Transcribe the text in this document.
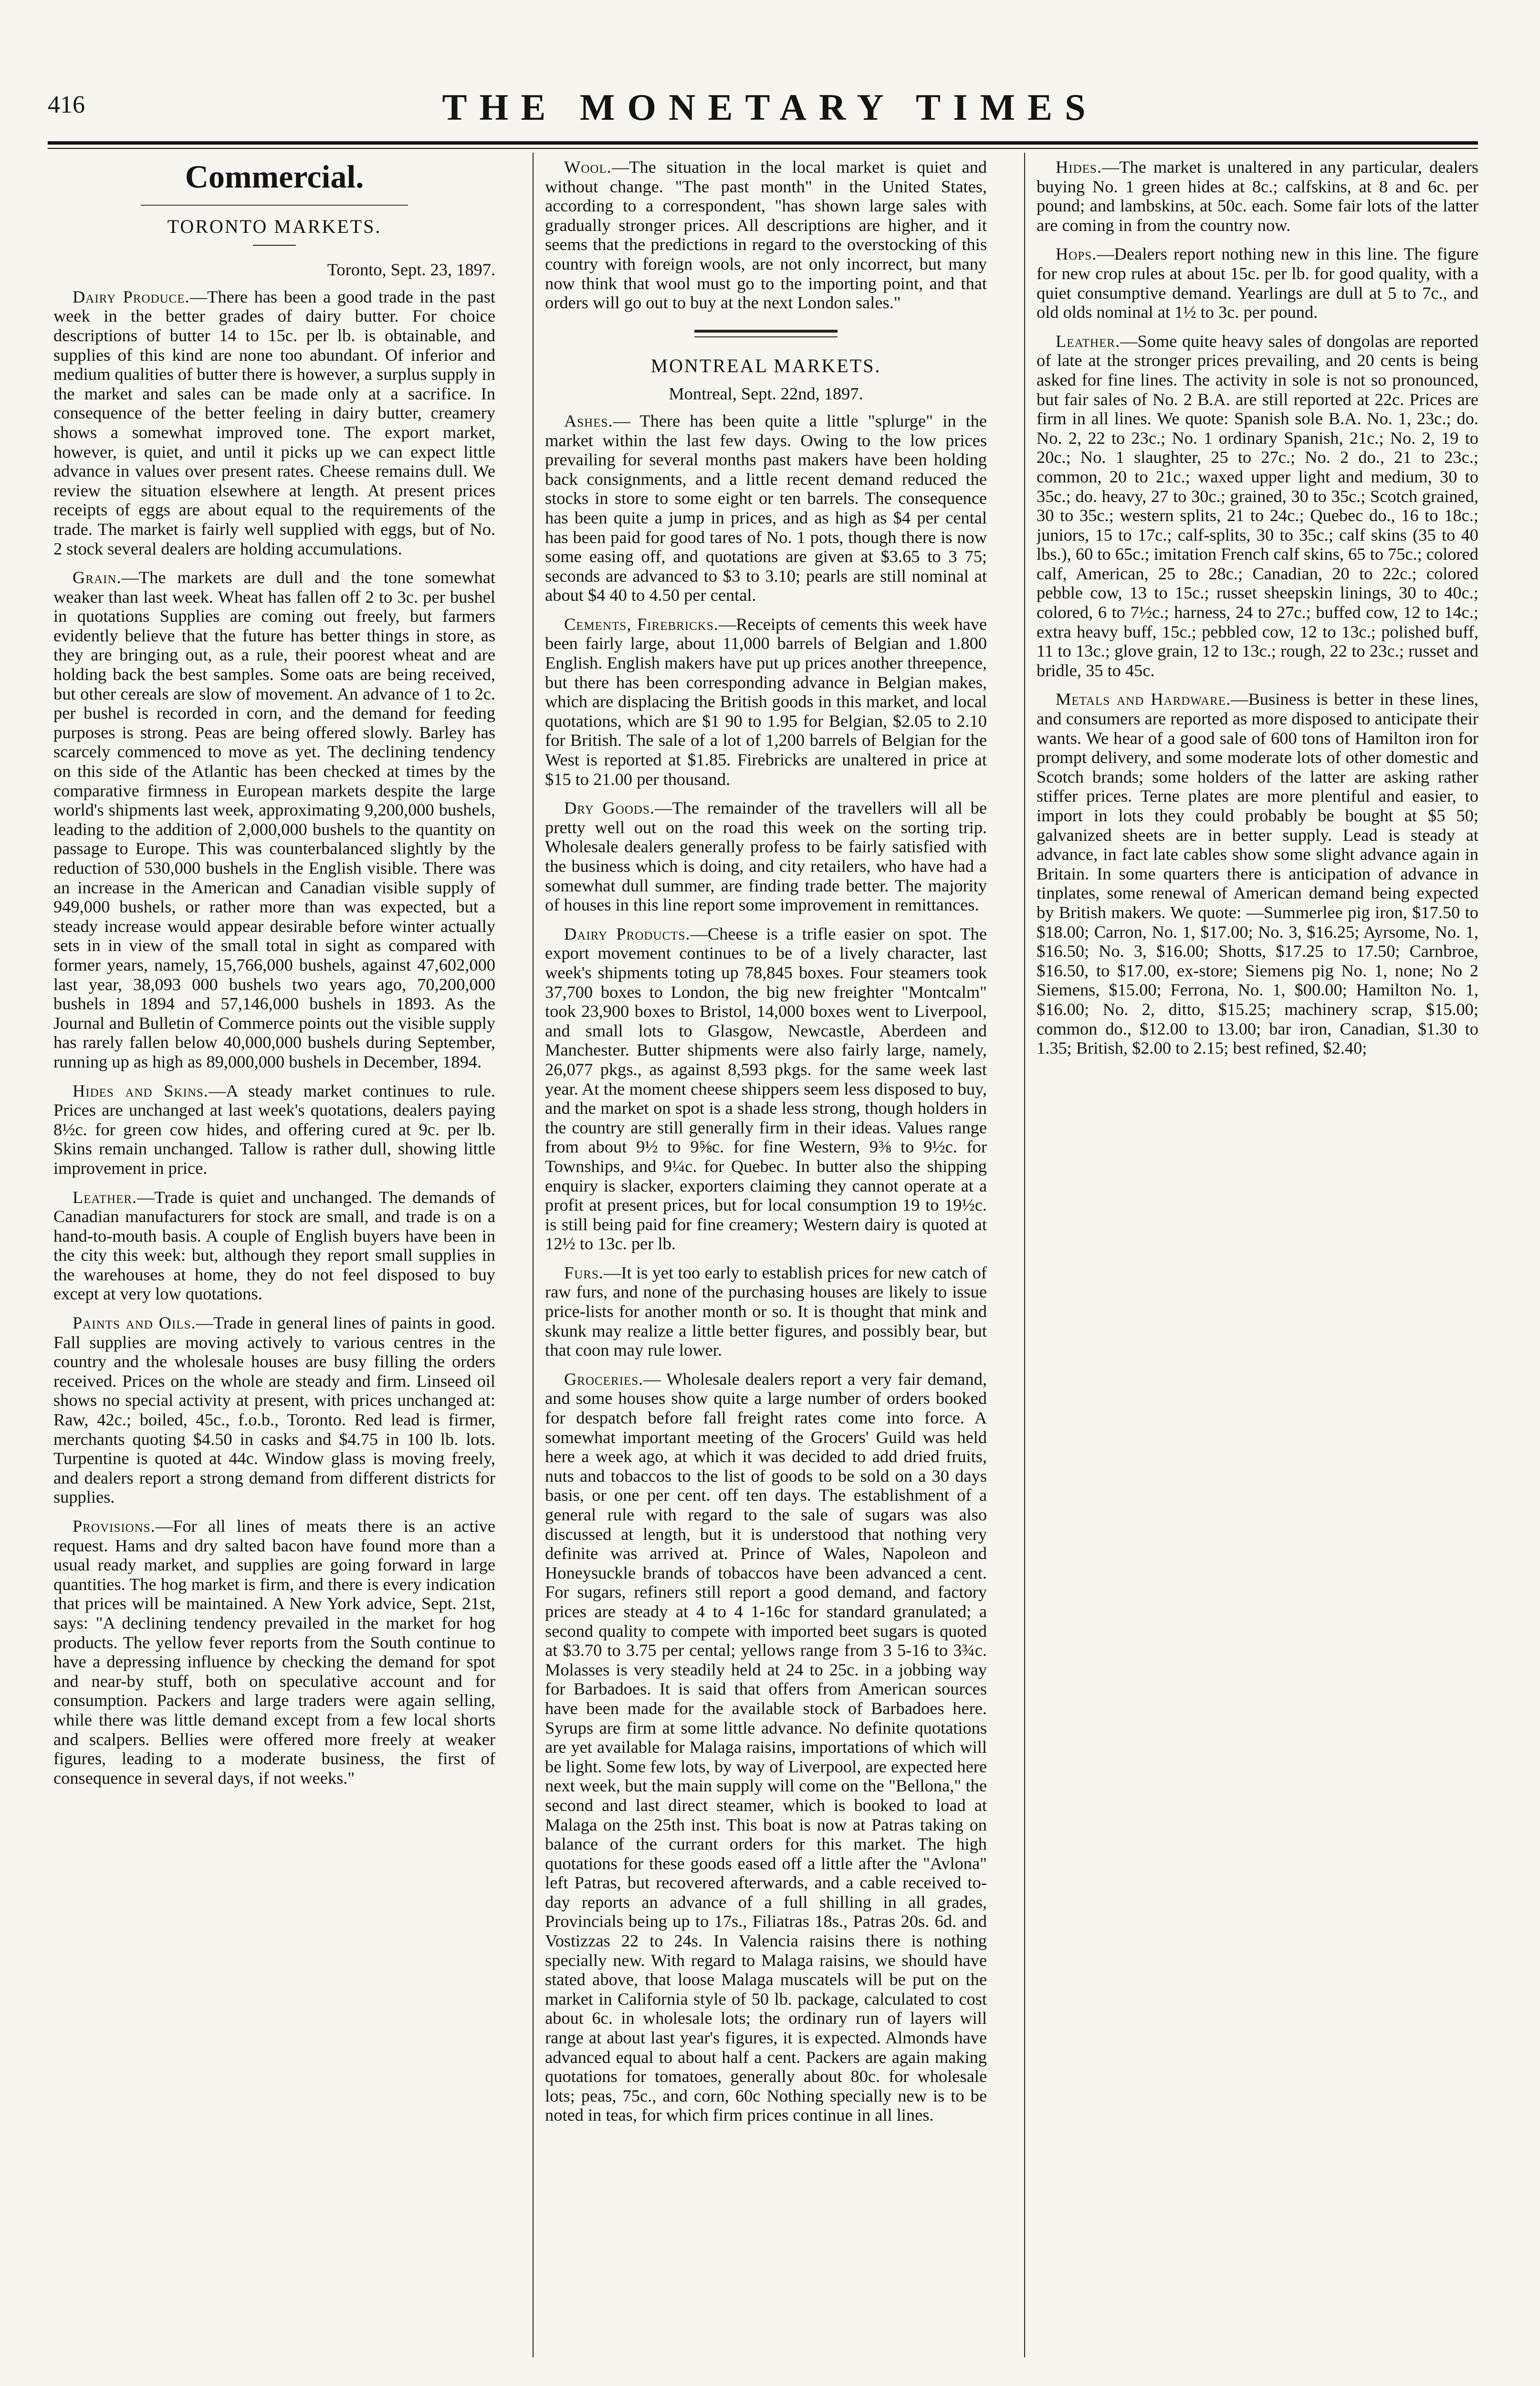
416	THE MONETARY TIMES
Commercial.
TORONTO MARKETS.
Toronto, Sept. 23, 1897.

Dairy Produce.—There has been a good trade in the past week in the better grades of dairy butter. For choice descriptions of butter 14 to 15c. per lb. is obtainable, and supplies of this kind are none too abundant. Of inferior and medium qualities of butter there is however, a surplus supply in the market and sales can be made only at a sacrifice. In consequence of the better feeling in dairy butter, creamery shows a somewhat improved tone. The export market, however, is quiet, and until it picks up we can expect little advance in values over present rates. Cheese remains dull. We review the situation elsewhere at length. At present prices receipts of eggs are about equal to the requirements of the trade. The market is fairly well supplied with eggs, but of No. 2 stock several dealers are holding accumulations.

Grain.—The markets are dull and the tone somewhat weaker than last week. Wheat has fallen off 2 to 3c. per bushel in quotations Supplies are coming out freely, but farmers evidently believe that the future has better things in store, as they are bringing out, as a rule, their poorest wheat and are holding back the best samples. Some oats are being received, but other cereals are slow of movement. An advance of 1 to 2c. per bushel is recorded in corn, and the demand for feeding purposes is strong. Peas are being offered slowly. Barley has scarcely commenced to move as yet. The declining tendency on this side of the Atlantic has been checked at times by the comparative firmness in European markets despite the large world's shipments last week, approximating 9,200,000 bushels, leading to the addition of 2,000,000 bushels to the quantity on passage to Europe. This was counterbalanced slightly by the reduction of 530,000 bushels in the English visible. There was an increase in the American and Canadian visible supply of 949,000 bushels, or rather more than was expected, but a steady increase would appear desirable before winter actually sets in in view of the small total in sight as compared with former years, namely, 15,766,000 bushels, against 47,602,000 last year, 38,093 000 bushels two years ago, 70,200,000 bushels in 1894 and 57,146,000 bushels in 1893. As the Journal and Bulletin of Commerce points out the visible supply has rarely fallen below 40,000,000 bushels during September, running up as high as 89,000,000 bushels in December, 1894.

Hides and Skins.—A steady market continues to rule. Prices are unchanged at last week's quotations, dealers paying 8½c. for green cow hides, and offering cured at 9c. per lb. Skins remain unchanged. Tallow is rather dull, showing little improvement in price.

Leather.—Trade is quiet and unchanged. The demands of Canadian manufacturers for stock are small, and trade is on a hand-to-mouth basis. A couple of English buyers have been in the city this week: but, although they report small supplies in the warehouses at home, they do not feel disposed to buy except at very low quotations.

Paints and Oils.—Trade in general lines of paints in good. Fall supplies are moving actively to various centres in the country and the wholesale houses are busy filling the orders received. Prices on the whole are steady and firm. Linseed oil shows no special activity at present, with prices unchanged at: Raw, 42c.; boiled, 45c., f.o.b., Toronto. Red lead is firmer, merchants quoting $4.50 in casks and $4.75 in 100 lb. lots. Turpentine is quoted at 44c. Window glass is moving freely, and dealers report a strong demand from different districts for supplies.

Provisions.—For all lines of meats there is an active request. Hams and dry salted bacon have found more than a usual ready market, and supplies are going forward in large quantities. The hog market is firm, and there is every indication that prices will be maintained. A New York advice, Sept. 21st, says: "A declining tendency prevailed in the market for hog products. The yellow fever reports from the South continue to have a depressing influence by checking the demand for spot and near-by stuff, both on speculative account and for consumption. Packers and large traders were again selling, while there was little demand except from a few local shorts and scalpers. Bellies were offered more freely at weaker figures, leading to a moderate business, the first of consequence in several days, if not weeks."

Wool.—The situation in the local market is quiet and without change. "The past month" in the United States, according to a correspondent, "has shown large sales with gradually stronger prices. All descriptions are higher, and it seems that the predictions in regard to the overstocking of this country with foreign wools, are not only incorrect, but many now think that wool must go to the importing point, and that orders will go out to buy at the next London sales."

MONTREAL MARKETS.
Montreal, Sept. 22nd, 1897.

Ashes.— There has been quite a little "splurge" in the market within the last few days. Owing to the low prices prevailing for several months past makers have been holding back consignments, and a little recent demand reduced the stocks in store to some eight or ten barrels. The consequence has been quite a jump in prices, and as high as $4 per cental has been paid for good tares of No. 1 pots, though there is now some easing off, and quotations are given at $3.65 to 3 75; seconds are advanced to $3 to 3.10; pearls are still nominal at about $4 40 to 4.50 per cental.

Cements, Firebricks.—Receipts of cements this week have been fairly large, about 11,000 barrels of Belgian and 1.800 English. English makers have put up prices another threepence, but there has been corresponding advance in Belgian makes, which are displacing the British goods in this market, and local quotations, which are $1 90 to 1.95 for Belgian, $2.05 to 2.10 for British. The sale of a lot of 1,200 barrels of Belgian for the West is reported at $1.85. Firebricks are unaltered in price at $15 to 21.00 per thousand.

Dry Goods.—The remainder of the travellers will all be pretty well out on the road this week on the sorting trip. Wholesale dealers generally profess to be fairly satisfied with the business which is doing, and city retailers, who have had a somewhat dull summer, are finding trade better. The majority of houses in this line report some improvement in remittances.

Dairy Products.—Cheese is a trifle easier on spot. The export movement continues to be of a lively character, last week's shipments toting up 78,845 boxes. Four steamers took 37,700 boxes to London, the big new freighter "Montcalm" took 23,900 boxes to Bristol, 14,000 boxes went to Liverpool, and small lots to Glasgow, Newcastle, Aberdeen and Manchester. Butter shipments were also fairly large, namely, 26,077 pkgs., as against 8,593 pkgs. for the same week last year. At the moment cheese shippers seem less disposed to buy, and the market on spot is a shade less strong, though holders in the country are still generally firm in their ideas. Values range from about 9½ to 9⅝c. for fine Western, 9⅜ to 9½c. for Townships, and 9¼c. for Quebec. In butter also the shipping enquiry is slacker, exporters claiming they cannot operate at a profit at present prices, but for local consumption 19 to 19½c. is still being paid for fine creamery; Western dairy is quoted at 12½ to 13c. per lb.

Furs.—It is yet too early to establish prices for new catch of raw furs, and none of the purchasing houses are likely to issue price-lists for another month or so. It is thought that mink and skunk may realize a little better figures, and possibly bear, but that coon may rule lower.

Groceries.— Wholesale dealers report a very fair demand, and some houses show quite a large number of orders booked for despatch before fall freight rates come into force. A somewhat important meeting of the Grocers' Guild was held here a week ago, at which it was decided to add dried fruits, nuts and tobaccos to the list of goods to be sold on a 30 days basis, or one per cent. off ten days. The establishment of a general rule with regard to the sale of sugars was also discussed at length, but it is understood that nothing very definite was arrived at. Prince of Wales, Napoleon and Honeysuckle brands of tobaccos have been advanced a cent. For sugars, refiners still report a good demand, and factory prices are steady at 4 to 4 1-16c for standard granulated; a second quality to compete with imported beet sugars is quoted at $3.70 to 3.75 per cental; yellows range from 3 5-16 to 3¾c. Molasses is very steadily held at 24 to 25c. in a jobbing way for Barbadoes. It is said that offers from American sources have been made for the available stock of Barbadoes here. Syrups are firm at some little advance. No definite quotations are yet available for Malaga raisins, importations of which will be light. Some few lots, by way of Liverpool, are expected here next week, but the main supply will come on the "Bellona," the second and last direct steamer, which is booked to load at Malaga on the 25th inst. This boat is now at Patras taking on balance of the currant orders for this market. The high quotations for these goods eased off a little after the "Avlona" left Patras, but recovered afterwards, and a cable received to-day reports an advance of a full shilling in all grades, Provincials being up to 17s., Filiatras 18s., Patras 20s. 6d. and Vostizzas 22 to 24s. In Valencia raisins there is nothing specially new. With regard to Malaga raisins, we should have stated above, that loose Malaga muscatels will be put on the market in California style of 50 lb. package, calculated to cost about 6c. in wholesale lots; the ordinary run of layers will range at about last year's figures, it is expected. Almonds have advanced equal to about half a cent. Packers are again making quotations for tomatoes, generally about 80c. for wholesale lots; peas, 75c., and corn, 60c Nothing specially new is to be noted in teas, for which firm prices continue in all lines.

Hides.—The market is unaltered in any particular, dealers buying No. 1 green hides at 8c.; calfskins, at 8 and 6c. per pound; and lambskins, at 50c. each. Some fair lots of the latter are coming in from the country now.

Hops.—Dealers report nothing new in this line. The figure for new crop rules at about 15c. per lb. for good quality, with a quiet consumptive demand. Yearlings are dull at 5 to 7c., and old olds nominal at 1½ to 3c. per pound.

Leather.—Some quite heavy sales of dongolas are reported of late at the stronger prices prevailing, and 20 cents is being asked for fine lines. The activity in sole is not so pronounced, but fair sales of No. 2 B.A. are still reported at 22c. Prices are firm in all lines. We quote: Spanish sole B.A. No. 1, 23c.; do. No. 2, 22 to 23c.; No. 1 ordinary Spanish, 21c.; No. 2, 19 to 20c.; No. 1 slaughter, 25 to 27c.; No. 2 do., 21 to 23c.; common, 20 to 21c.; waxed upper light and medium, 30 to 35c.; do. heavy, 27 to 30c.; grained, 30 to 35c.; Scotch grained, 30 to 35c.; western splits, 21 to 24c.; Quebec do., 16 to 18c.; juniors, 15 to 17c.; calf-splits, 30 to 35c.; calf skins (35 to 40 lbs.), 60 to 65c.; imitation French calf skins, 65 to 75c.; colored calf, American, 25 to 28c.; Canadian, 20 to 22c.; colored pebble cow, 13 to 15c.; russet sheepskin linings, 30 to 40c.; colored, 6 to 7½c.; harness, 24 to 27c.; buffed cow, 12 to 14c.; extra heavy buff, 15c.; pebbled cow, 12 to 13c.; polished buff, 11 to 13c.; glove grain, 12 to 13c.; rough, 22 to 23c.; russet and bridle, 35 to 45c.

Metals and Hardware.—Business is better in these lines, and consumers are reported as more disposed to anticipate their wants. We hear of a good sale of 600 tons of Hamilton iron for prompt delivery, and some moderate lots of other domestic and Scotch brands; some holders of the latter are asking rather stiffer prices. Terne plates are more plentiful and easier, to import in lots they could probably be bought at $5 50; galvanized sheets are in better supply. Lead is steady at advance, in fact late cables show some slight advance again in Britain. In some quarters there is anticipation of advance in tinplates, some renewal of American demand being expected by British makers. We quote: —Summerlee pig iron, $17.50 to $18.00; Carron, No. 1, $17.00; No. 3, $16.25; Ayrsome, No. 1, $16.50; No. 3, $16.00; Shotts, $17.25 to 17.50; Carnbroe, $16.50, to $17.00, ex-store; Siemens pig No. 1, none; No 2 Siemens, $15.00; Ferrona, No. 1, $00.00; Hamilton No. 1, $16.00; No. 2, ditto, $15.25; machinery scrap, $15.00; common do., $12.00 to 13.00; bar iron, Canadian, $1.30 to 1.35; British, $2.00 to 2.15; best refined, $2.40;
